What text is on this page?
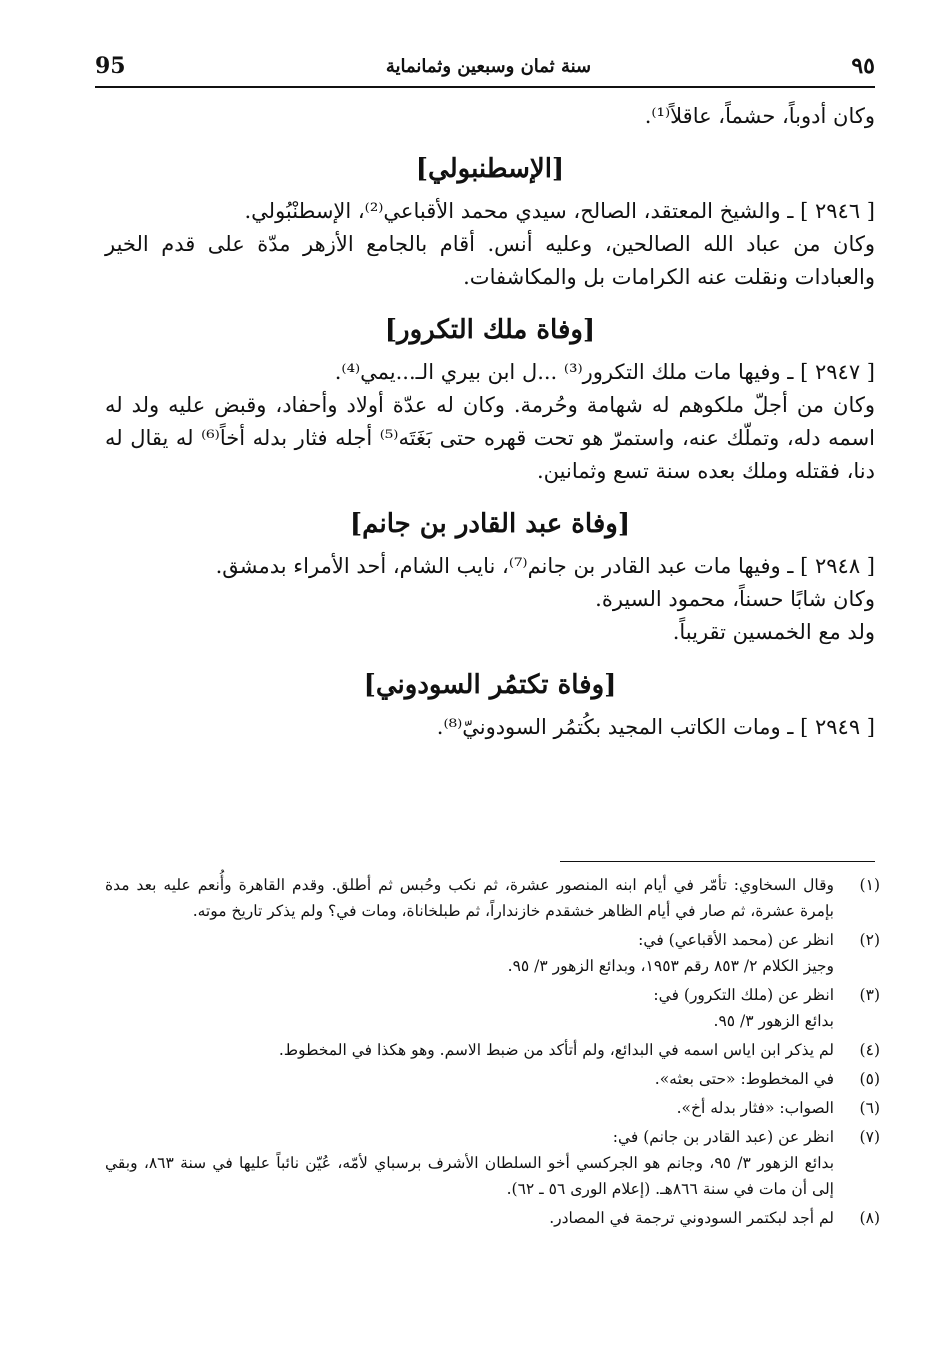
95	سنة ثمان وسبعين وثمانماية	٩٥

وكان أدوباً، حشماً، عاقلاً⁽¹⁾.

[الإسطنبولي]

[ ٢٩٤٦ ] ـ والشيخ المعتقد، الصالح، سيدي محمد الأقباعي⁽²⁾، الإسطنْبُولي.

وكان من عباد الله الصالحين، وعليه أنس. أقام بالجامع الأزهر مدّة على قدم الخير والعبادات ونقلت عنه الكرامات بل والمكاشفات.

[وفاة ملك التكرور]

[ ٢٩٤٧ ] ـ وفيها مات ملك التكرور⁽³⁾ ...ل ابن بيري الـ...يمي⁽⁴⁾.

وكان من أجلّ ملكوهم له شهامة وحُرمة. وكان له عدّة أولاد وأحفاد، وقبض عليه ولد له اسمه دله، وتملّك عنه، واستمرّ هو تحت قهره حتى بَغَتَه⁽⁵⁾ أجله فثار بدله أخاً⁽⁶⁾ له يقال له دنا، فقتله وملك بعده سنة تسع وثمانين.

[وفاة عبد القادر بن جانم]

[ ٢٩٤٨ ] ـ وفيها مات عبد القادر بن جانم⁽⁷⁾، نايب الشام، أحد الأمراء بدمشق.

وكان شابًا حسناً، محمود السيرة.

ولد مع الخمسين تقريباً.

[وفاة تكتمُر السودوني]

[ ٢٩٤٩ ] ـ ومات الكاتب المجيد بكُتمُر السودونيّ⁽⁸⁾.

(١)
وقال السخاوي: تأمّر في أيام ابنه المنصور عشرة، ثم نكب وحُبس ثم أطلق. وقدم القاهرة وأُنعم عليه بعد مدة بإمرة عشرة، ثم صار في أيام الظاهر خشقدم خازنداراً، ثم طبلخاناة، ومات في؟ ولم يذكر تاريخ موته.
(٢)
انظر عن (محمد الأقباعي) في:
وجيز الكلام ٢/ ٨٥٣ رقم ١٩٥٣، وبدائع الزهور ٣/ ٩٥.
(٣)
انظر عن (ملك التكرور) في:
بدائع الزهور ٣/ ٩٥.
(٤)
لم يذكر ابن اياس اسمه في البدائع، ولم أتأكد من ضبط الاسم. وهو هكذا في المخطوط.
(٥)
في المخطوط: «حتى بعثه».
(٦)
الصواب: «فثار بدله أخ».
(٧)
انظر عن (عبد القادر بن جانم) في:
بدائع الزهور ٣/ ٩٥، وجانم هو الجركسي أخو السلطان الأشرف برسباي لأمّه، عُيّن نائباً عليها في سنة ٨٦٣، وبقي إلى أن مات في سنة ٨٦٦هـ. (إعلام الورى ٥٦ ـ ٦٢).
(٨)
لم أجد لبكتمر السودوني ترجمة في المصادر.
